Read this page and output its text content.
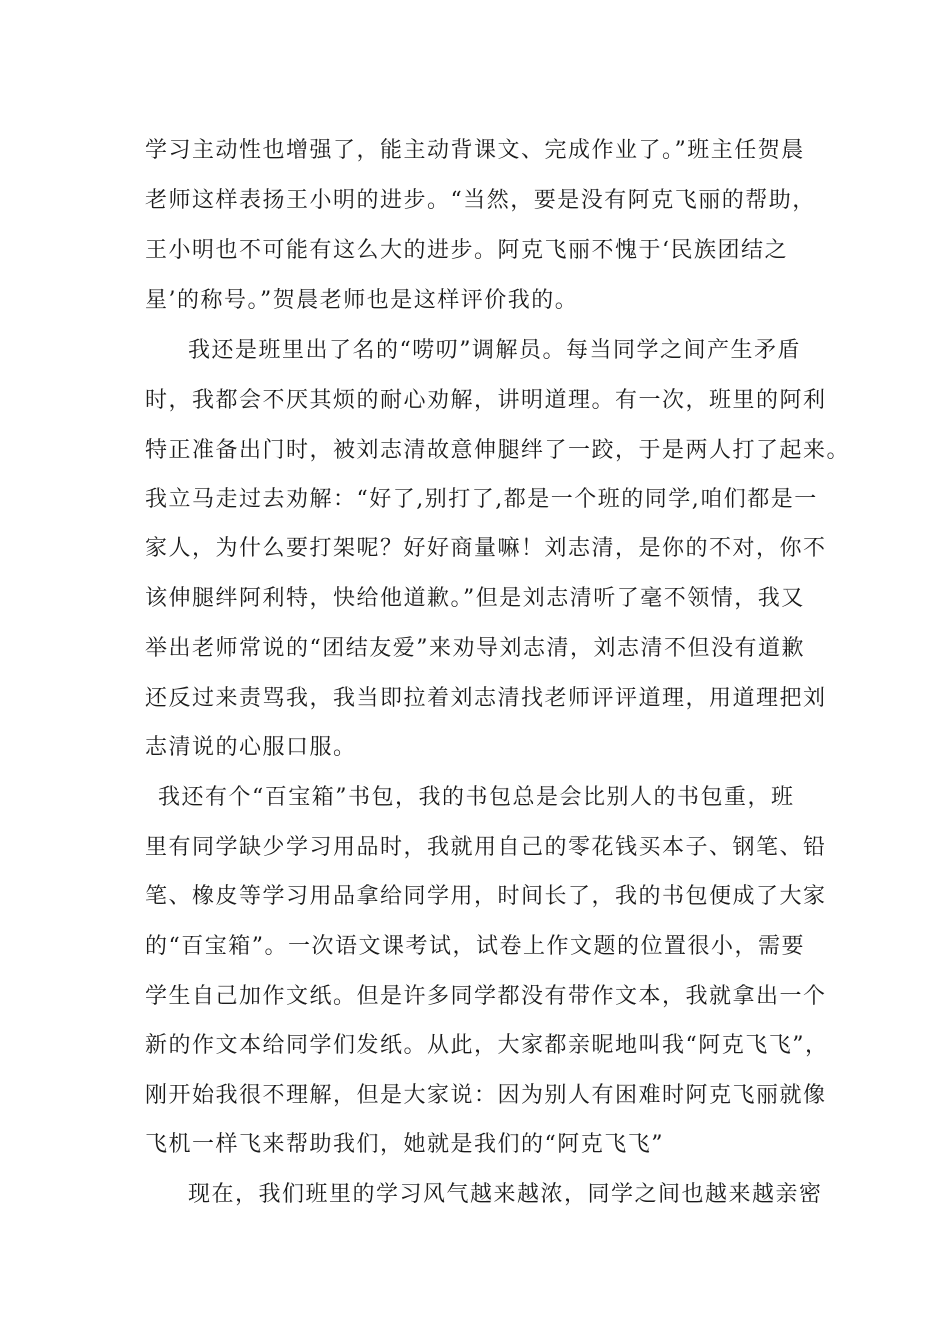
学习主动性也增强了，能主动背课文、完成作业了。”班主任贺晨
老师这样表扬王小明的进步。“当然，要是没有阿克飞丽的帮助，
王小明也不可能有这么大的进步。阿克飞丽不愧于‘民族团结之
星’的称号。”贺晨老师也是这样评价我的。
我还是班里出了名的“唠叨”调解员。每当同学之间产生矛盾
时，我都会不厌其烦的耐心劝解，讲明道理。有一次，班里的阿利
特正准备出门时，被刘志清故意伸腿绊了一跤，于是两人打了起来。
我立马走过去劝解：“好了,别打了,都是一个班的同学,咱们都是一
家人，为什么要打架呢？好好商量嘛！刘志清，是你的不对，你不
该伸腿绊阿利特，快给他道歉。”但是刘志清听了毫不领情，我又
举出老师常说的“团结友爱”来劝导刘志清，刘志清不但没有道歉
还反过来责骂我，我当即拉着刘志清找老师评评道理，用道理把刘
志清说的心服口服。
我还有个“百宝箱”书包，我的书包总是会比别人的书包重，班
里有同学缺少学习用品时，我就用自己的零花钱买本子、钢笔、铅
笔、橡皮等学习用品拿给同学用，时间长了，我的书包便成了大家
的“百宝箱”。一次语文课考试，试卷上作文题的位置很小，需要
学生自己加作文纸。但是许多同学都没有带作文本，我就拿出一个
新的作文本给同学们发纸。从此，大家都亲昵地叫我“阿克飞飞”，
刚开始我很不理解，但是大家说：因为别人有困难时阿克飞丽就像
飞机一样飞来帮助我们，她就是我们的“阿克飞飞”
现在，我们班里的学习风气越来越浓，同学之间也越来越亲密
